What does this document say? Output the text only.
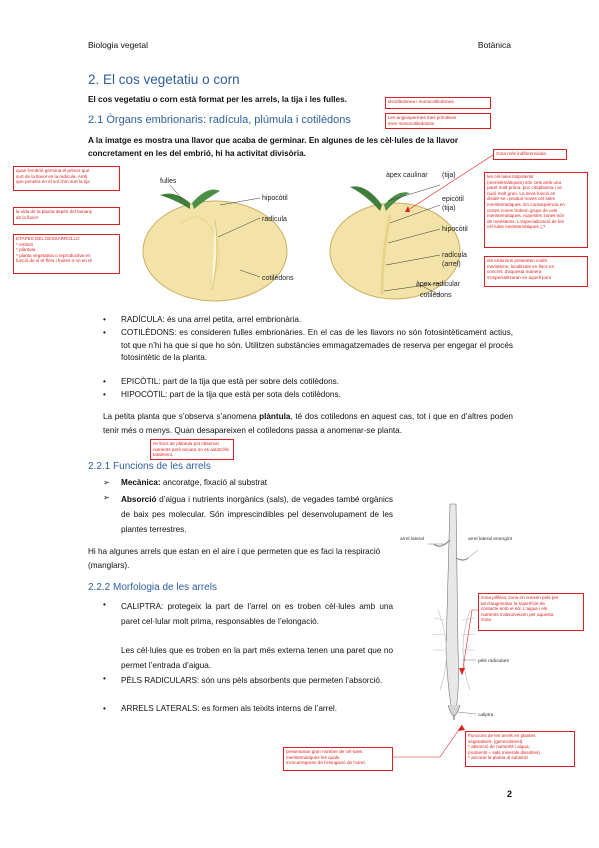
Biologia vegetal	Botànica
2. El cos vegetatiu o corn
El cos vegetatiu o corn està format per les arrels, la tija i les fulles.
2.1 Òrgans embrionaris: radícula, plúmula i cotilèdons
A la imatge es mostra una llavor que acaba de germinar. En algunes de les cèl·lules de la llavor
concretament en les del embrió, hi ha activitat divisòria.
fulles
hipocòtil
radícula
cotilèdons
àpex caulinar (tija)
epicòtil
(tija)
hipocòtil
radícula
(arrel)
àpex radicular
cotilèdons
• RADÍCULA: és una arrel petita, arrel embrionària.
• COTILÈDONS: es consideren fulles embrionàries. En el cas de les llavors no són fotosintèticament actius, tot que n’hi ha que si que ho són. Utilitzen substàncies emmagatzemades de reserva per engegar el procés fotosintètic de la planta.
• EPICÒTIL: part de la tija que està per sobre dels cotilèdons.
• HIPOCÒTIL: part de la tija que està per sota dels cotilèdons.
La petita planta que s’observa s’anomena plàntula, té dos cotiledons en aquest cas, tot i que en d’altres poden tenir més o menys. Quan desapareixen el cotiledons passa a anomenar-se planta.
2.2.1 Funcions de les arrels
➢ Mecànica: ancoratge, fixació al substrat
➢ Absorció d’aigua i nutrients inorgànics (sals), de vegades també orgànics de baix pes molecular. Són imprescindibles pel desenvolupament de les plantes terrestres.
Hi ha algunes arrels que estan en el aire i que permeten que es faci la respiració (manglars).
2.2.2 Morfologia de les arrels
• CALIPTRA: protegeix la part de l’arrel on es troben cèl·lules amb una paret cel·lular molt prima, responsables de l’elongació.
Les cèl·lules que es troben en la part més externa tenen una paret que no permet l’entrada d’aigua.
• PÈLS RADICULARS: són uns pèls absorbents que permeten l’absorció.
• ARRELS LATERALS: es formen als teixits interns de l’arrel.
arrel lateral	arrel lateral emergint
pèls radiculars
caliptra
dicotiledonea i monocotiledonea
Les angiospermes mes primitives
eren monocotiledonies
zona més indiferenciada
quan l'embrió germina el primer que
surt de la llavor es la radicula. Amb
que penetra en el sol d'on surt la tija
la vida de la planta depèn del tamany
de la llavor
ETAPES DEL DESSARROLLO
* embrió
* plàntula
* planta vegetativa o reproductiva en
funció de si té flors i fruites o no en té
les cèl·lules totipotents
(meristemàtiques) són cels amb una
paret molt prima, poc citoplasma i un
nucli molt gran. La seva funció es
dividir-se i produir noves cèl·lules
meristemàtiques. En conseqüència en
certes zones trobem grups de cels
meristemàtiques. Aquestes zones són
de meristems. L'especialització de les
cèl·lules meristemàtiques ¿?
els embrions presenten molts
meristems, localitzats en llocs en
concret, d'aquesta manera
s'especialitzaran en aquell punt
en llocs de plàntula pot observar
nutrients però encara no es autotròfic
totalment.
zona pilifera: zona on creixen pels per
tal d'augmentar la superfície de
contacte amb el sòl. L'aigua i els
nutrients s'absorveixen per aquesta
zona
Funcions de les arrels en plantes
vegetatives: (generalment)
* absorció de nutrients i aigua;
(nutrients = sals minerals dissoltes)
* ancorar la planta al substrat
presentaran gran nombre de cèl·lules
meristemàtiques les quals
s'encarregaran de l'elongació de l'arrel.
2
